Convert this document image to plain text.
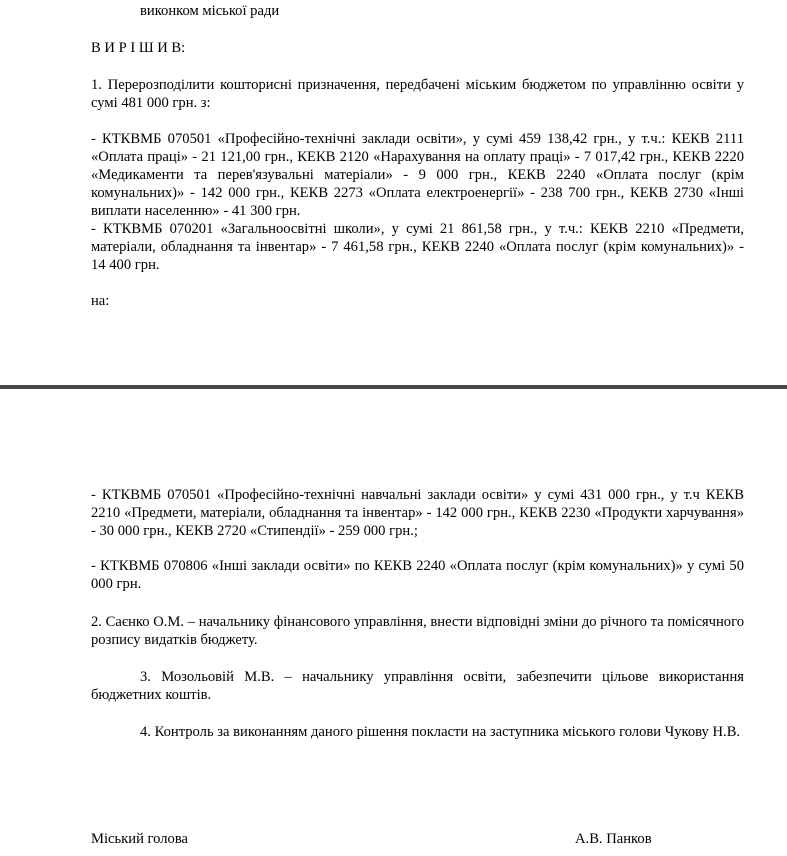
виконком міської ради

В И Р І Ш И В:

1. Перерозподілити кошторисні призначення, передбачені міським бюджетом по управлінню освіти у сумі 481 000 грн. з:

- КТКВМБ 070501 «Професійно-технічні заклади освіти», у сумі 459 138,42 грн., у т.ч.: КЕКВ 2111 «Оплата праці» - 21 121,00 грн., КЕКВ 2120 «Нарахування на оплату праці» - 7 017,42 грн., КЕКВ 2220 «Медикаменти та перев'язувальні матеріали» - 9 000 грн., КЕКВ 2240 «Оплата послуг (крім комунальних)» - 142 000 грн., КЕКВ 2273 «Оплата електроенергії» - 238 700 грн., КЕКВ 2730 «Інші виплати населенню» - 41 300 грн.

- КТКВМБ 070201 «Загальноосвітні школи», у сумі 21 861,58 грн., у т.ч.: КЕКВ 2210 «Предмети, матеріали, обладнання та інвентар» - 7 461,58 грн., КЕКВ 2240 «Оплата послуг (крім комунальних)» - 14 400 грн.

на:

- КТКВМБ 070501 «Професійно-технічні навчальні заклади освіти» у сумі 431 000 грн., у т.ч КЕКВ 2210 «Предмети, матеріали, обладнання та інвентар» - 142 000 грн., КЕКВ 2230 «Продукти харчування» - 30 000 грн., КЕКВ 2720 «Стипендії» - 259 000 грн.;

- КТКВМБ 070806 «Інші заклади освіти» по КЕКВ 2240 «Оплата послуг (крім комунальних)» у сумі 50 000 грн.

2. Саєнко О.М. – начальнику фінансового управління, внести відповідні зміни до річного та помісячного розпису видатків бюджету.

3. Мозольовій М.В. – начальнику управління освіти, забезпечити цільове використання бюджетних коштів.

4. Контроль за виконанням даного рішення покласти на заступника міського голови Чукову Н.В.

Міський голова	А.В. Панков
